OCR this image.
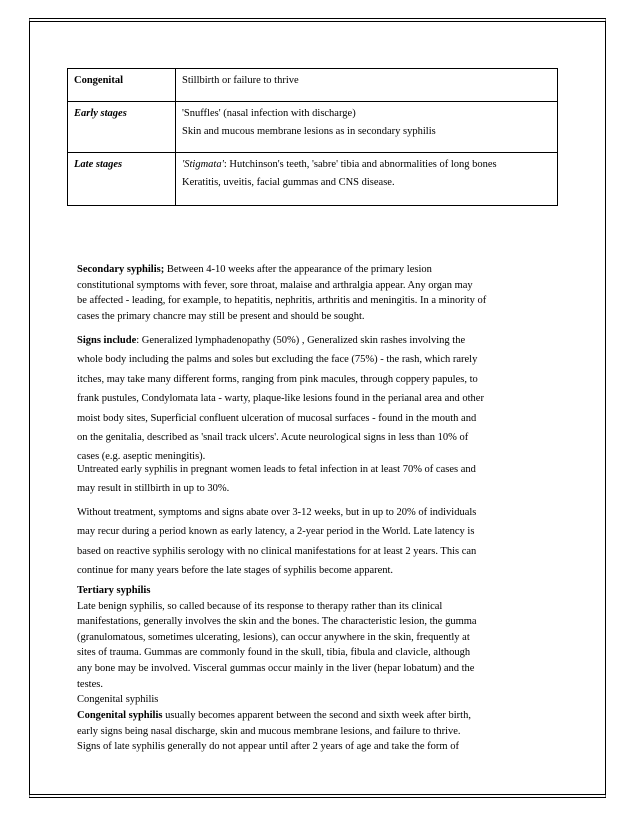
Congenital	Stillbirth or failure to thrive
Early stages	'Snuffles' (nasal infection with discharge)
Skin and mucous membrane lesions as in secondary syphilis

Late stages	'Stigmata': Hutchinson's teeth, 'sabre' tibia and abnormalities of long bones
Keratitis, uveitis, facial gummas and CNS disease.
Secondary syphilis; Between 4-10 weeks after the appearance of the primary lesion
constitutional symptoms with fever, sore throat, malaise and arthralgia appear. Any organ may
be affected - leading, for example, to hepatitis, nephritis, arthritis and meningitis. In a minority of
cases the primary chancre may still be present and should be sought.
Signs include: Generalized lymphadenopathy (50%) , Generalized skin rashes involving the
whole body including the palms and soles but excluding the face (75%) - the rash, which rarely
itches, may take many different forms, ranging from pink macules, through coppery papules, to
frank pustules, Condylomata lata - warty, plaque-like lesions found in the perianal area and other
moist body sites, Superficial confluent ulceration of mucosal surfaces - found in the mouth and
on the genitalia, described as 'snail track ulcers'. Acute neurological signs in less than 10% of
cases (e.g. aseptic meningitis).
Untreated early syphilis in pregnant women leads to fetal infection in at least 70% of cases and
may result in stillbirth in up to 30%.
Without treatment, symptoms and signs abate over 3-12 weeks, but in up to 20% of individuals
may recur during a period known as early latency, a 2-year period in the World. Late latency is
based on reactive syphilis serology with no clinical manifestations for at least 2 years. This can
continue for many years before the late stages of syphilis become apparent.
Tertiary syphilis
Late benign syphilis, so called because of its response to therapy rather than its clinical
manifestations, generally involves the skin and the bones. The characteristic lesion, the gumma
(granulomatous, sometimes ulcerating, lesions), can occur anywhere in the skin, frequently at
sites of trauma. Gummas are commonly found in the skull, tibia, fibula and clavicle, although
any bone may be involved. Visceral gummas occur mainly in the liver (hepar lobatum) and the
testes.
Congenital syphilis
Congenital syphilis usually becomes apparent between the second and sixth week after birth,
early signs being nasal discharge, skin and mucous membrane lesions, and failure to thrive.
Signs of late syphilis generally do not appear until after 2 years of age and take the form of
